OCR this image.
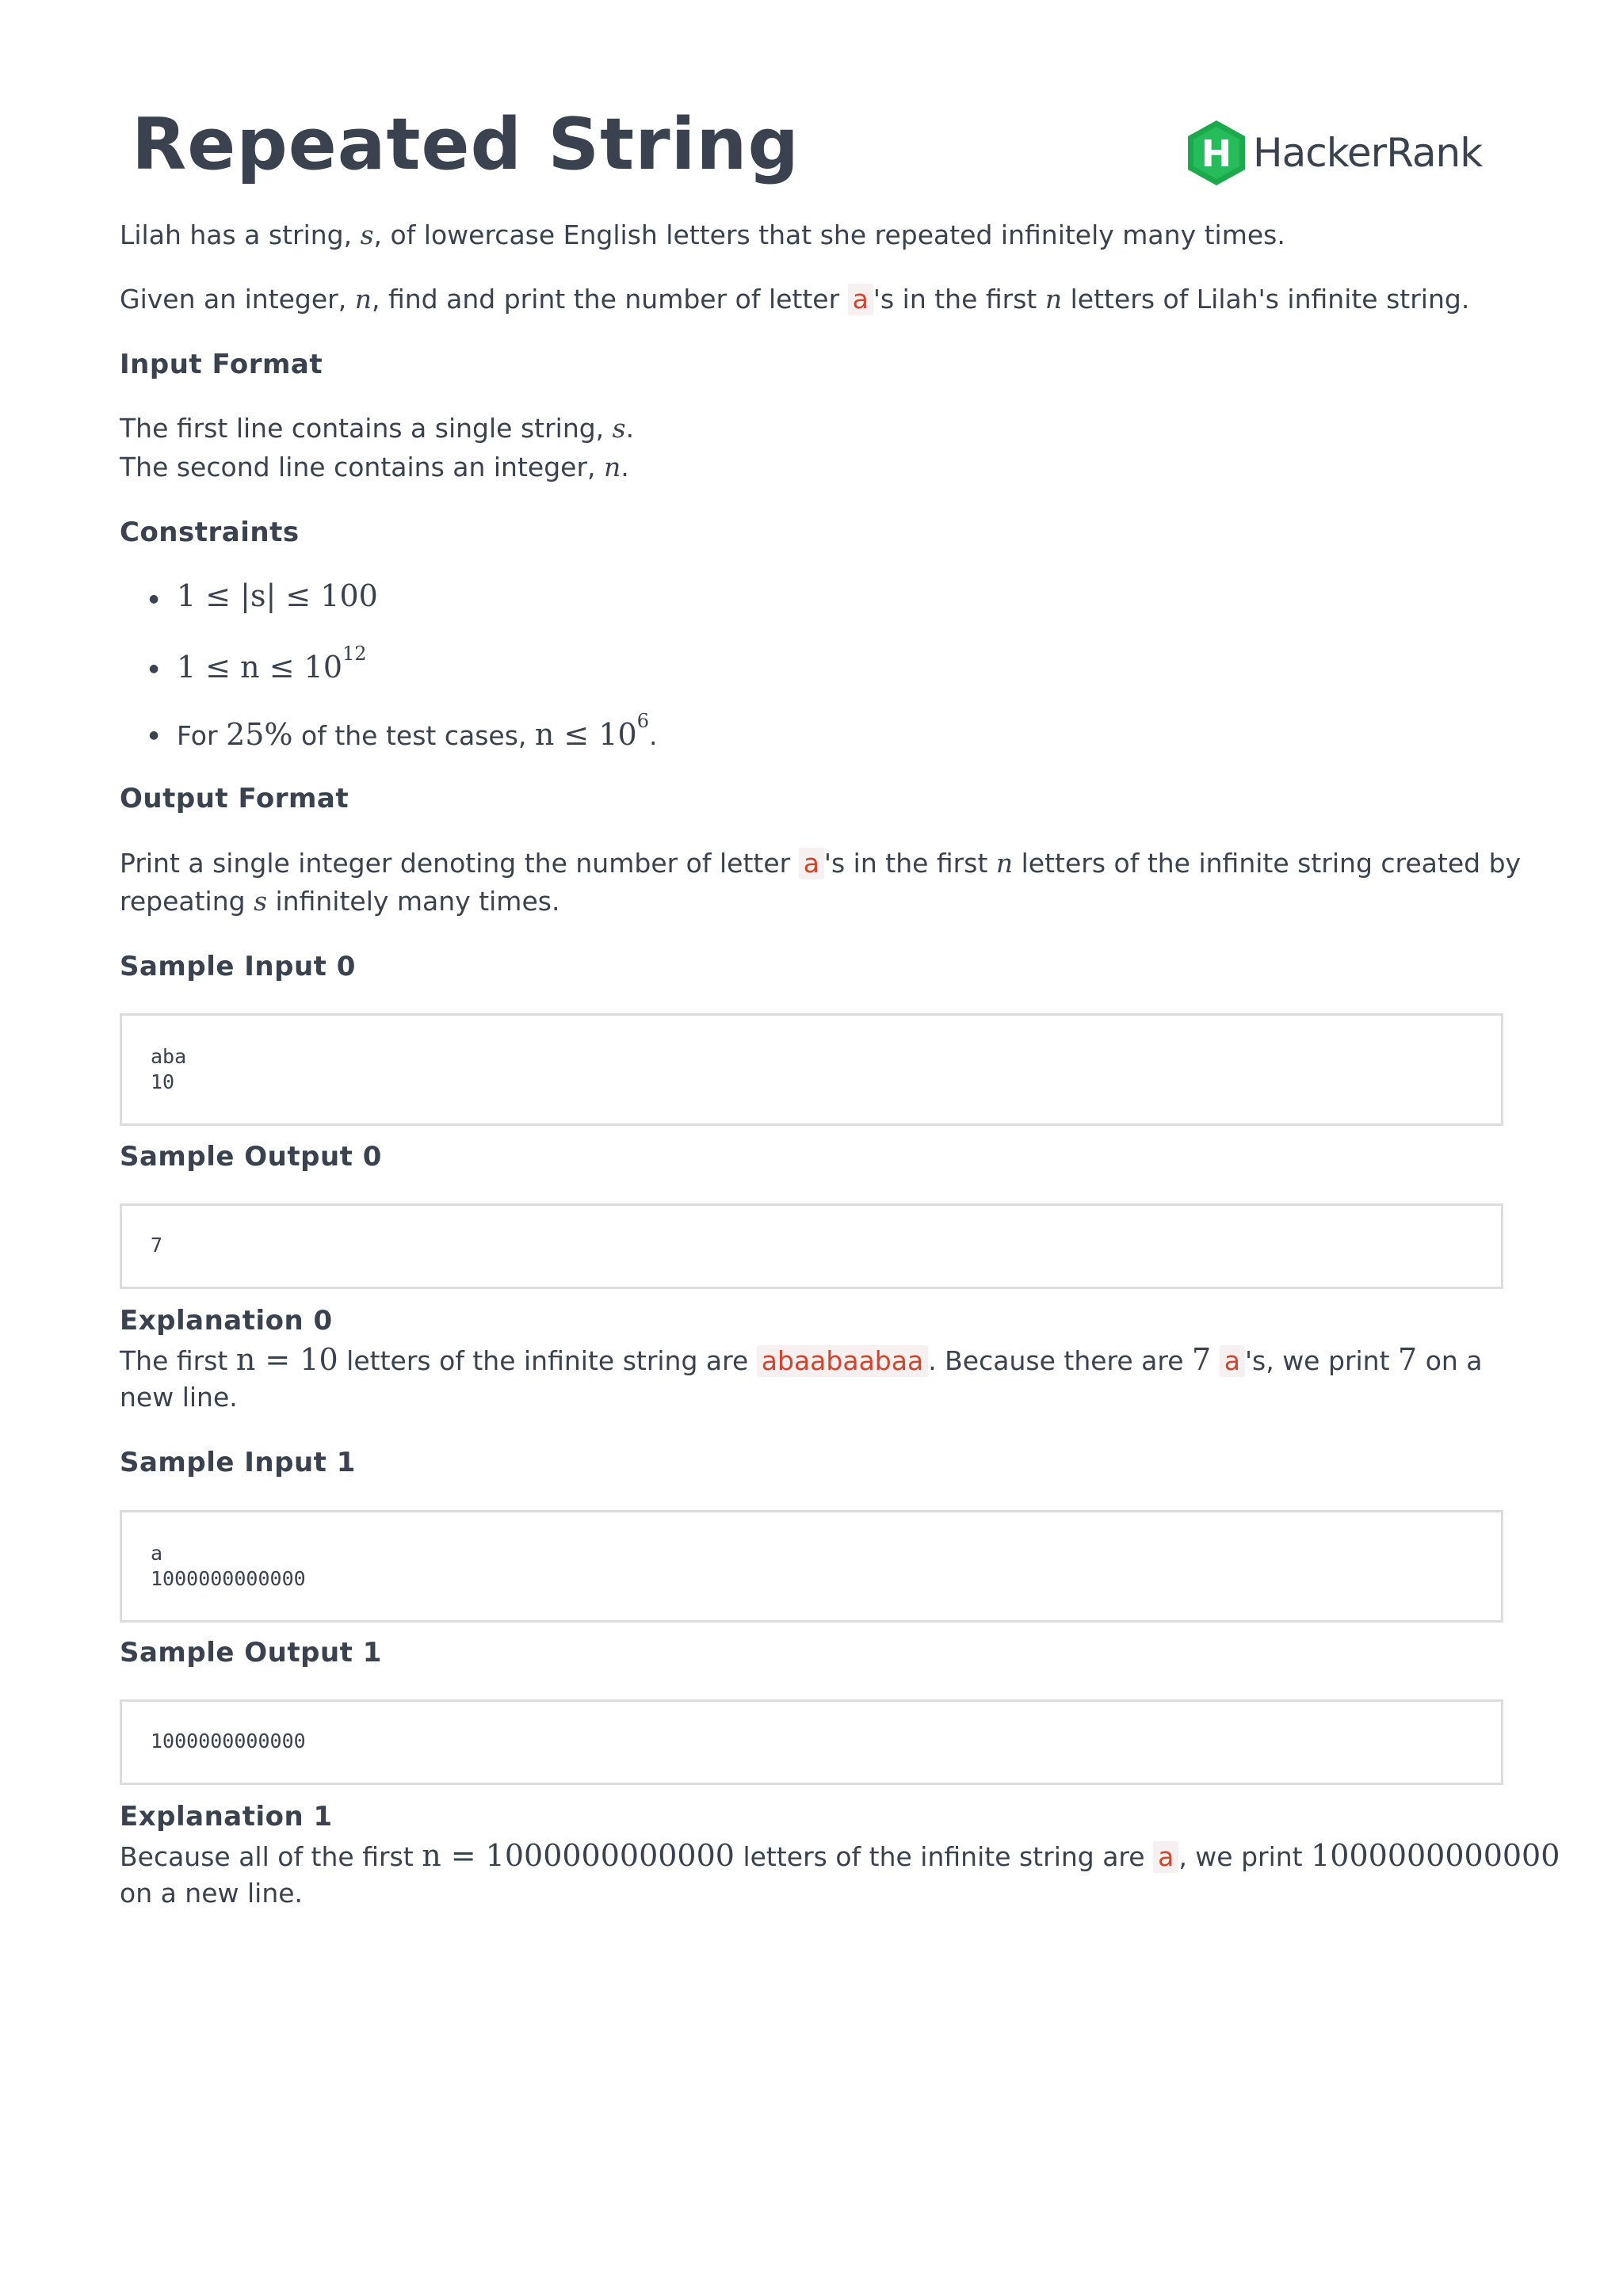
Repeated String	H HackerRank
Lilah has a string, s, of lowercase English letters that she repeated infinitely many times.
Given an integer, n, find and print the number of letter a 's in the first n letters of Lilah's infinite string.
Input Format
The first line contains a single string, s.
The second line contains an integer, n.
Constraints
● 1 ≤ |s| ≤ 100
● $1 \le n \le 10^{12}$
● For 25% of the test cases, $n \le 10^6$.
Output Format
Print a single integer denoting the number of letter a 's in the first n letters of the infinite string created by
repeating s infinitely many times.
Sample Input 0
aba
10
Sample Output 0
7
Explanation 0
The first n = 10 letters of the infinite string are abaabaabaa . Because there are 7 a 's, we print 7 on a
new line.
Sample Input 1
a
1000000000000
Sample Output 1
1000000000000
Explanation 1
Because all of the first n = 1000000000000 letters of the infinite string are a , we print 1000000000000
on a new line.
